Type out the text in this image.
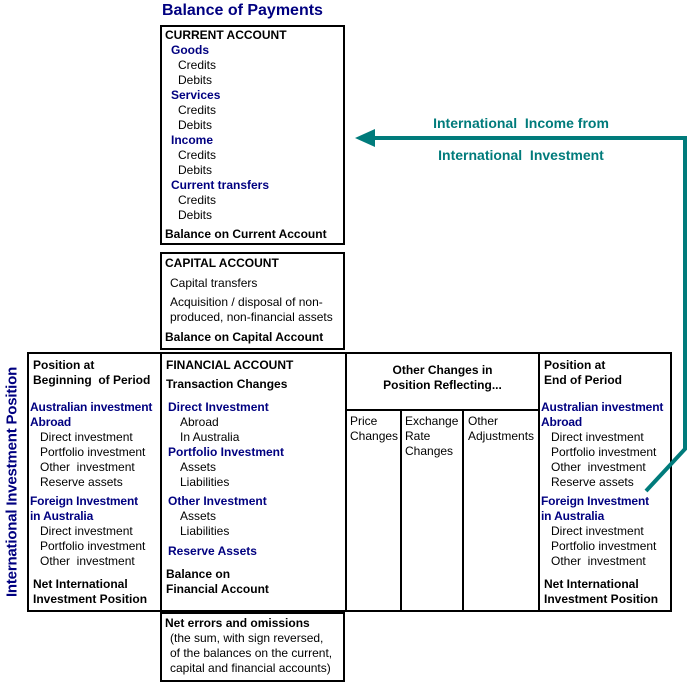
Balance of Payments
International Investment Position
CURRENT ACCOUNT
Goods
Credits
Debits
Services
Credits
Debits
Income
Credits
Debits
Current transfers
Credits
Debits
Balance on Current Account
CAPITAL ACCOUNT
Capital transfers
Acquisition / disposal of non-
produced, non-financial assets
Balance on Capital Account
Position at
Beginning  of Period
Australian investment
Abroad
Direct investment
Portfolio investment
Other  investment
Reserve assets
Foreign Investment
in Australia
Direct investment
Portfolio investment
Other  investment
Net International
Investment Position
FINANCIAL ACCOUNT
Transaction Changes
Direct Investment
Abroad
In Australia
Portfolio Investment
Assets
Liabilities
Other Investment
Assets
Liabilities
Reserve Assets
Balance on
Financial Account
Other Changes in
Position Reflecting...
Price
Changes
Exchange
Rate
Changes
Other
Adjustments
Position at
End of Period
Australian investment
Abroad
Direct investment
Portfolio investment
Other  investment
Reserve assets
Foreign Investment
in Australia
Direct investment
Portfolio investment
Other  investment
Net International
Investment Position
Net errors and omissions
(the sum, with sign reversed,
of the balances on the current,
capital and financial accounts)
International  Income from
International  Investment
